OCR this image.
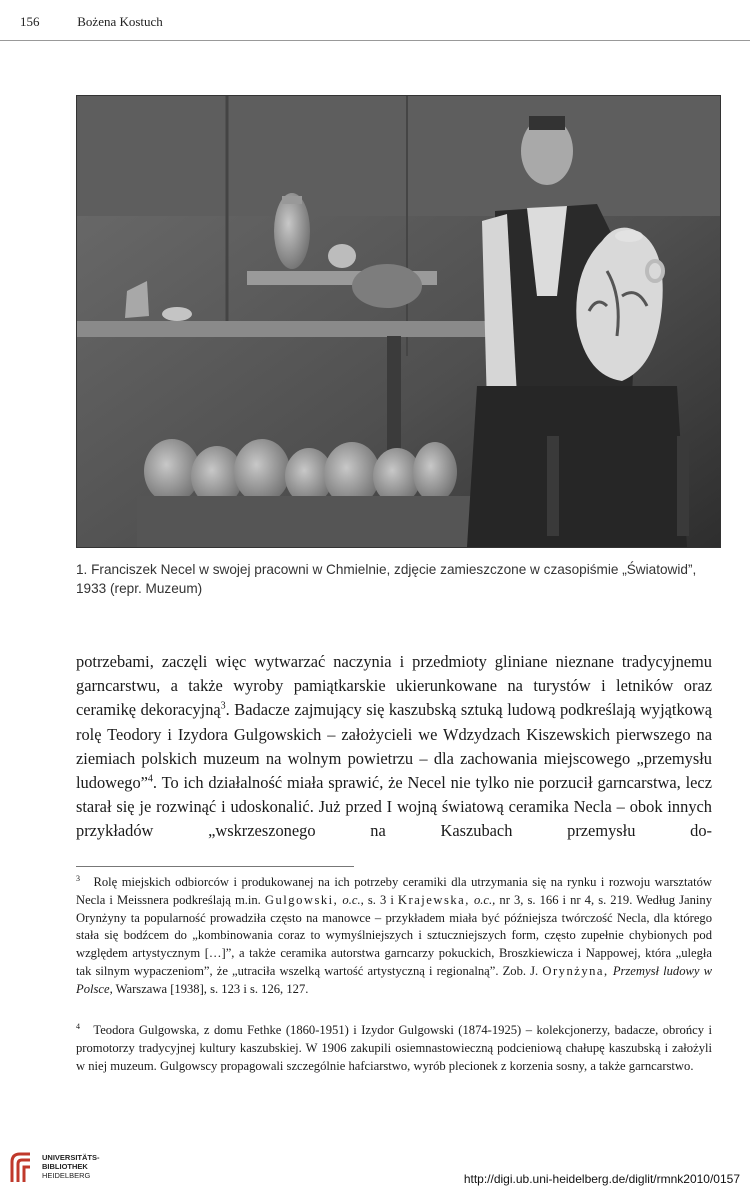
156	Bożena Kostuch
1. Franciszek Necel w swojej pracowni w Chmielnie, zdjęcie zamieszczone w czasopiśmie „Światowid”, 1933 (repr. Muzeum)

potrzebami, zaczęli więc wytwarzać naczynia i przedmioty gliniane nieznane tradycyjnemu garncarstwu, a także wyroby pamiątkarskie ukierunkowane na turystów i letników oraz ceramikę dekoracyjną$^3$. Badacze zajmujący się kaszubską sztuką ludową podkreślają wyjątkową rolę Teodory i Izydora Gulgowskich – założycieli we Wdzydzach Kiszewskich pierwszego na ziemiach polskich muzeum na wolnym powietrzu – dla zachowania miejscowego „przemysłu ludowego”$^4$. To ich działalność miała sprawić, że Necel nie tylko nie porzucił garncarstwa, lecz starał się je rozwinąć i udoskonalić. Już przed I wojną światową ceramika Necla – obok innych przykładów „wskrzeszonego na Kaszubach przemysłu do-

$^3$ Rolę miejskich odbiorców i produkowanej na ich potrzeby ceramiki dla utrzymania się na rynku i rozwoju warsztatów Necla i Meissnera podkreślają m.in. Gulgowski, o.c., s. 3 i Krajewska, o.c., nr 3, s. 166 i nr 4, s. 219. Według Janiny Orynżyny ta popularność prowadziła często na manowce – przykładem miała być późniejsza twórczość Necla, dla którego stała się bodźcem do „kombinowania coraz to wymyślniejszych i sztuczniejszych form, często zupełnie chybionych pod względem artystycznym […]”, a także ceramika autorstwa garncarzy pokuckich, Broszkiewicza i Nappowej, która „uległa tak silnym wypaczeniom”, że „utraciła wszelką wartość artystyczną i regionalną”. Zob. J. Orynżyna, Przemysł ludowy w Polsce, Warszawa [1938], s. 123 i s. 126, 127.

$^4$ Teodora Gulgowska, z domu Fethke (1860-1951) i Izydor Gulgowski (1874-1925) – kolekcjonerzy, badacze, obrońcy i promotorzy tradycyjnej kultury kaszubskiej. W 1906 zakupili osiemnastowieczną podcieniową chałupę kaszubską i założyli w niej muzeum. Gulgowscy propagowali szczególnie hafciarstwo, wyrób plecionek z korzenia sosny, a także garncarstwo.

UNIVERSITÄTS-
BIBLIOTHEK
HEIDELBERG	http://digi.ub.uni-heidelberg.de/diglit/rmnk2010/0157
